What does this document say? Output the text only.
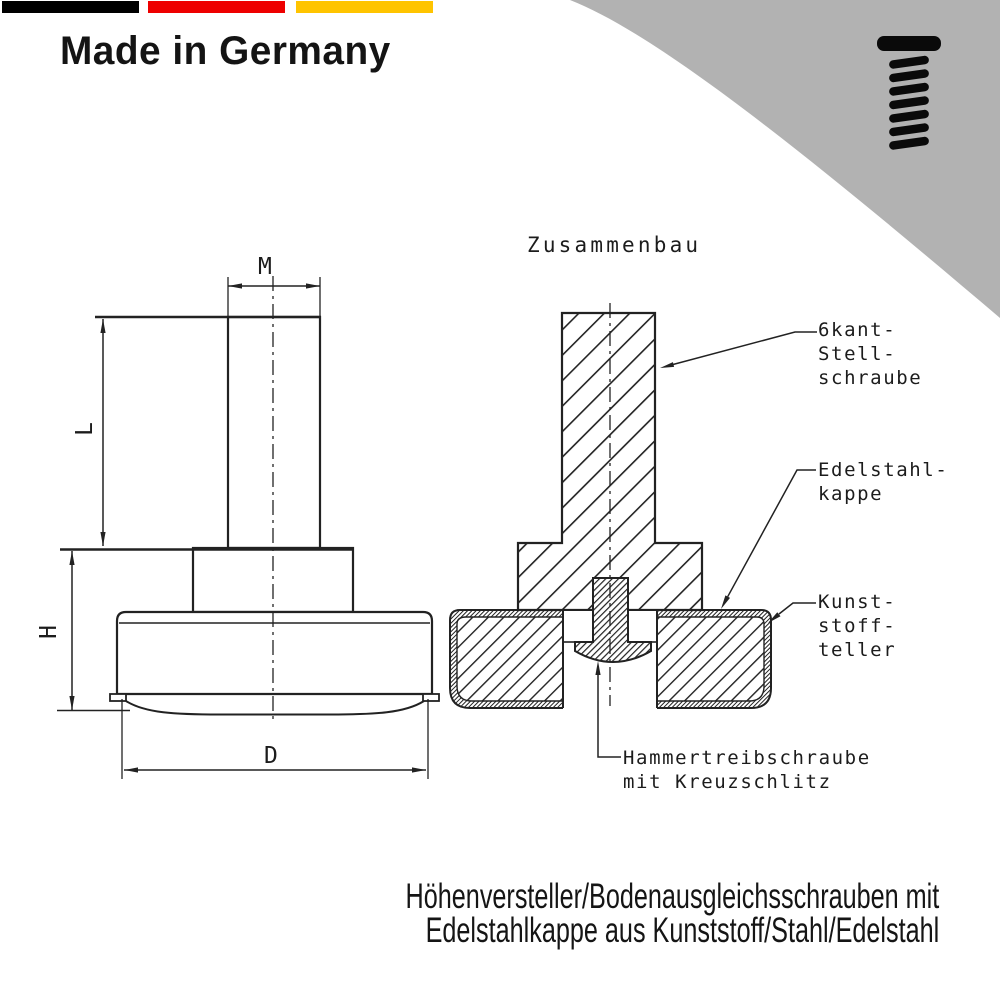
Made in Germany
Zusammenbau
M
L
H
D
6kant-
Stell-
schraube
Edelstahl-
kappe
Kunst-
stoff-
teller
Hammertreibschraube
mit Kreuzschlitz
Höhenversteller/Bodenausgleichsschrauben mit
Edelstahlkappe aus Kunststoff/Stahl/Edelstahl
